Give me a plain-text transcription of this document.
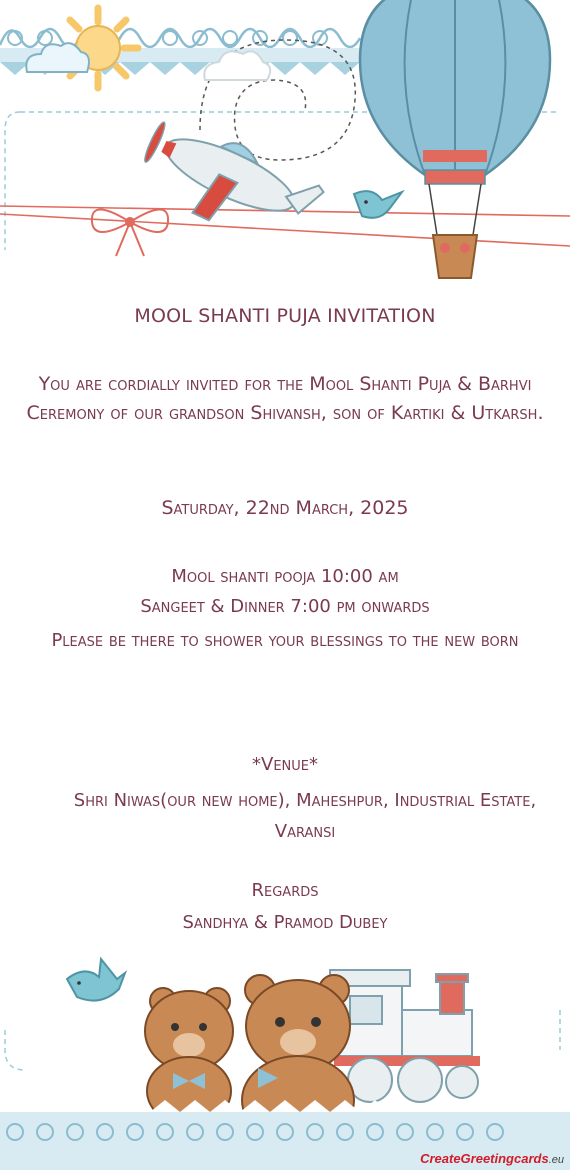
MOOL SHANTI PUJA INVITATION
You are cordially invited for the Mool Shanti Puja & Barhvi Ceremony of our grandson Shivansh, son of Kartiki & Utkarsh.
Saturday, 22nd March, 2025
Mool shanti pooja 10:00 am
Sangeet & Dinner 7:00 pm onwards
Please be there to shower your blessings to the new born
*Venue*
Shri Niwas(our new home), Maheshpur, Industrial Estate, Varansi
Regards
Sandhya & Pramod Dubey
CreateGreetingcards.eu
